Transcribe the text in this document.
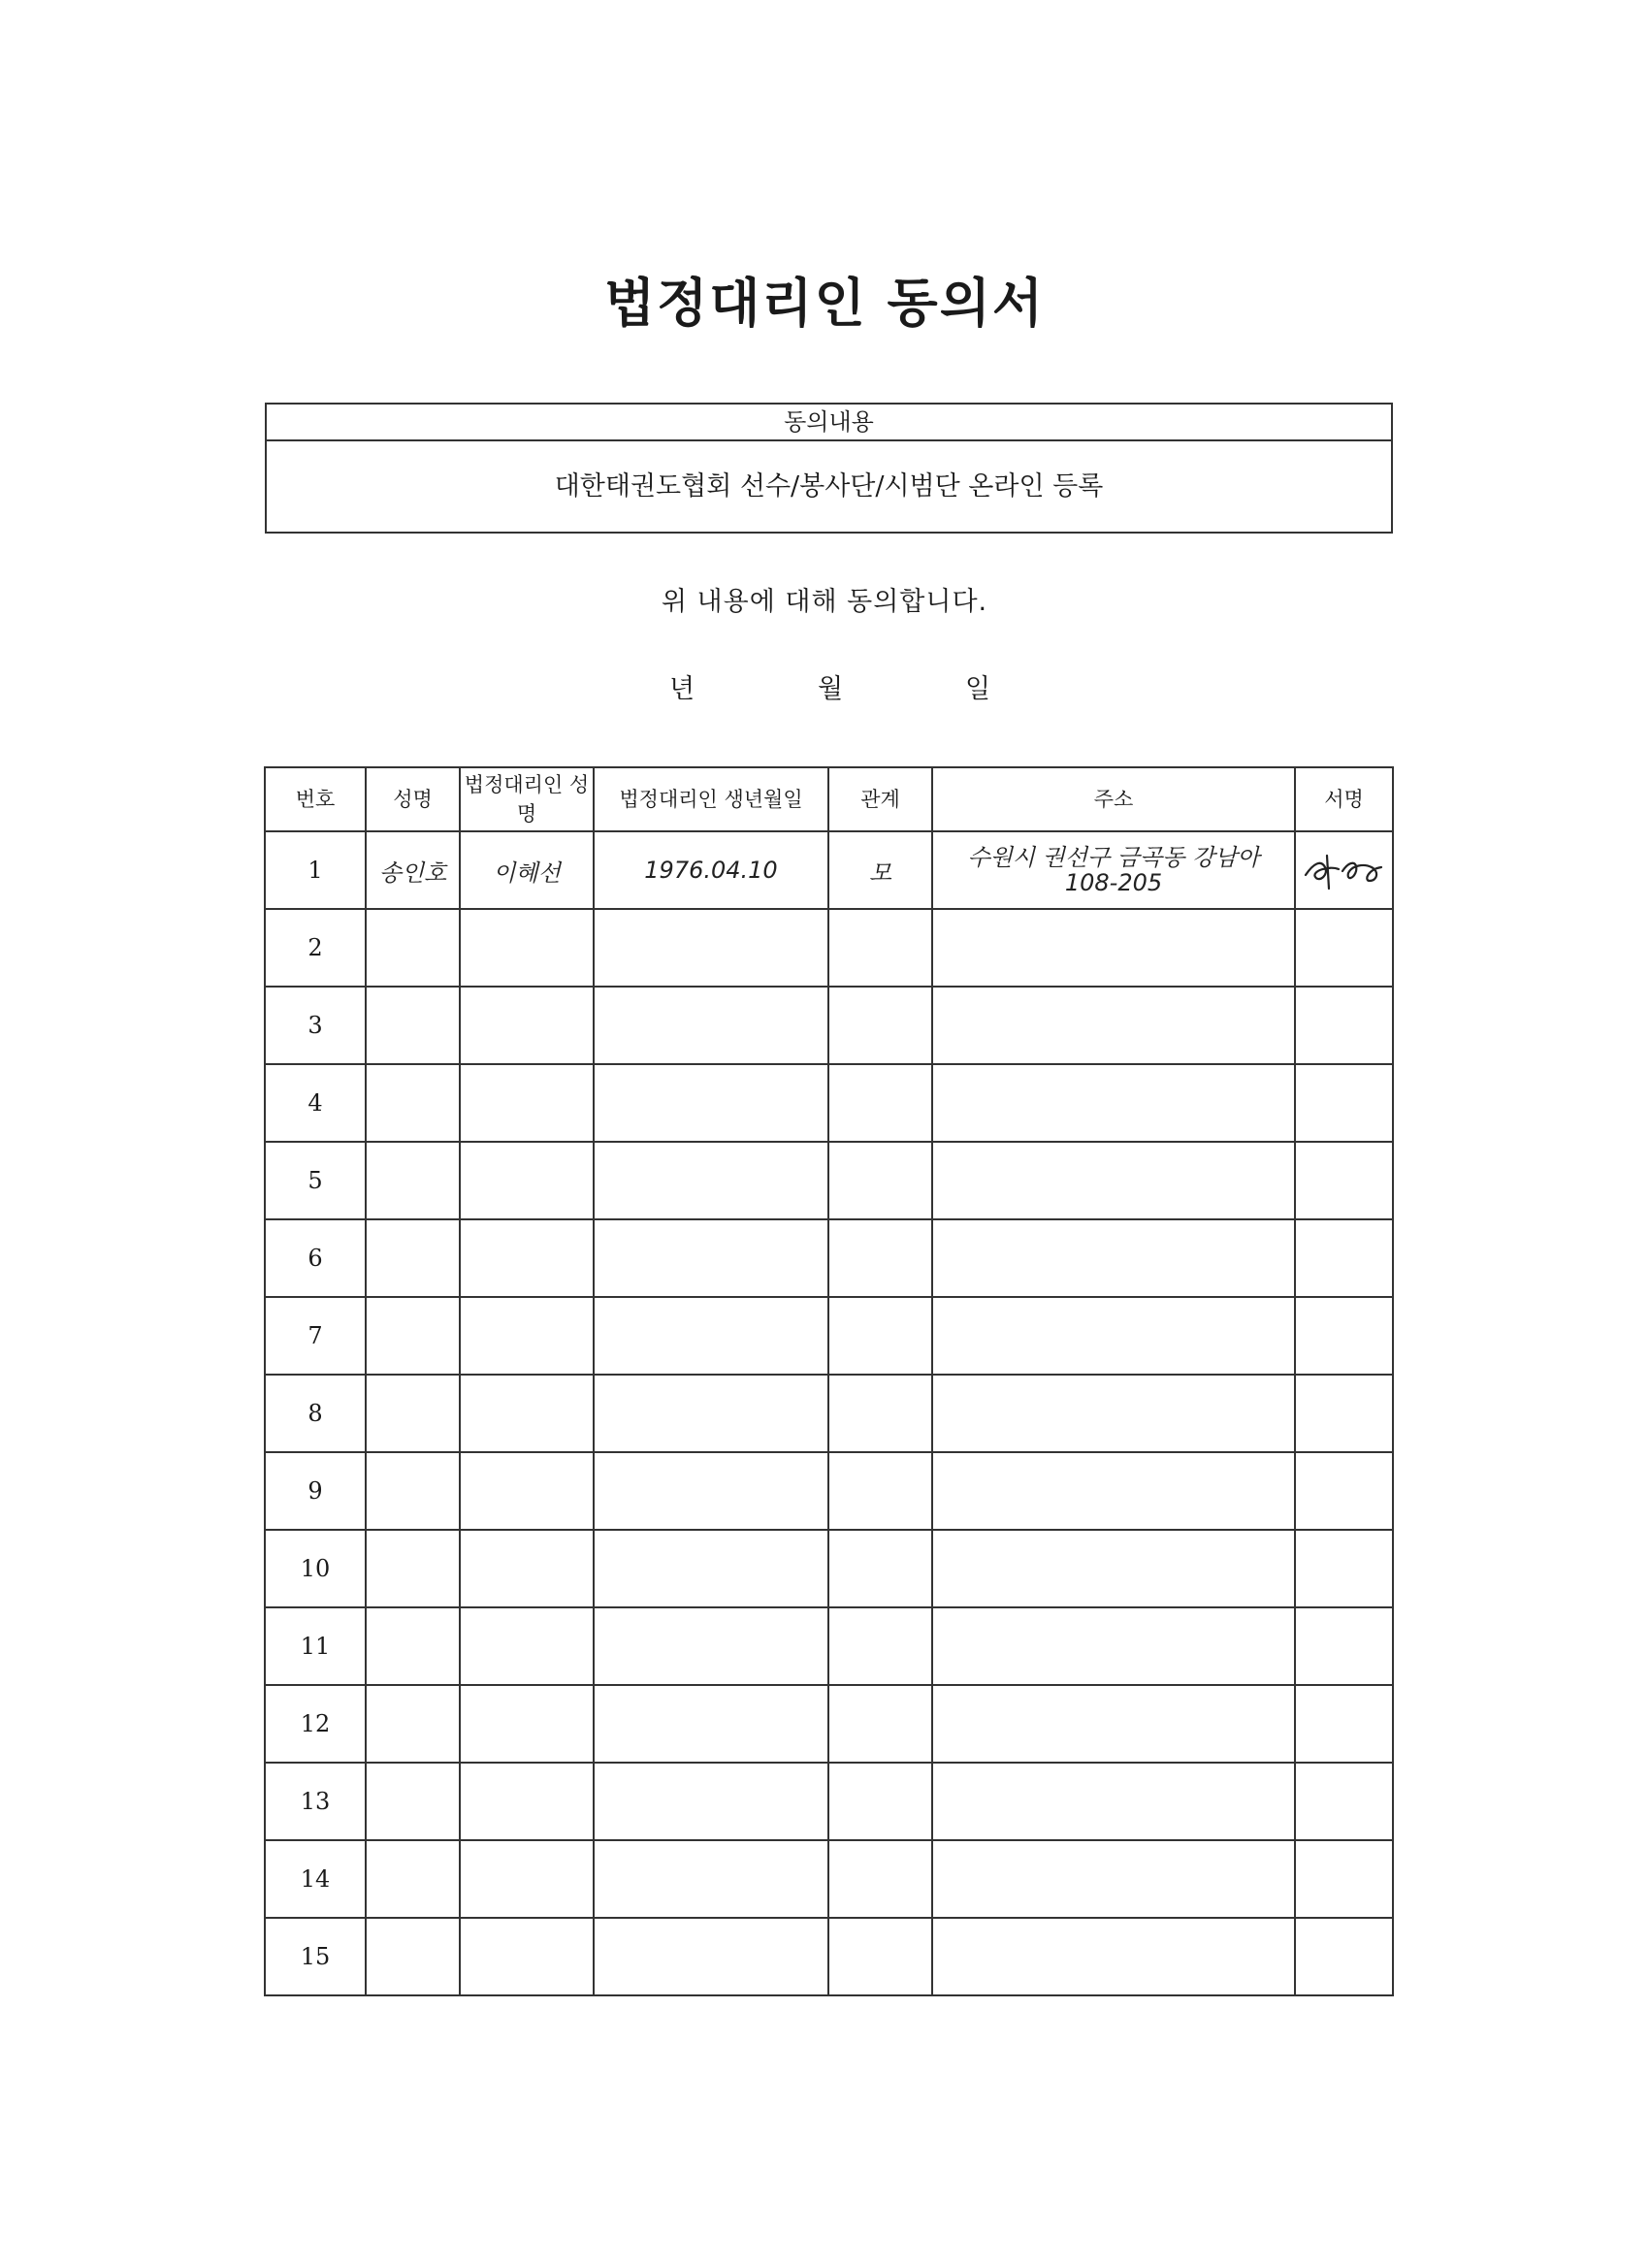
법정대리인 동의서
동의내용
대한태권도협회 선수/봉사단/시범단 온라인 등록
위 내용에 대해 동의합니다.
년	월	일
번호	성명	법정대리인 성명	법정대리인 생년월일	관계	주소	서명
1	송인호	이혜선	1976.04.10	모	수원시 권선구 금곡동 강남아
108-205

2						
3						
4						
5						
6						
7						
8						
9						
10						
11						
12						
13						
14						
15						
